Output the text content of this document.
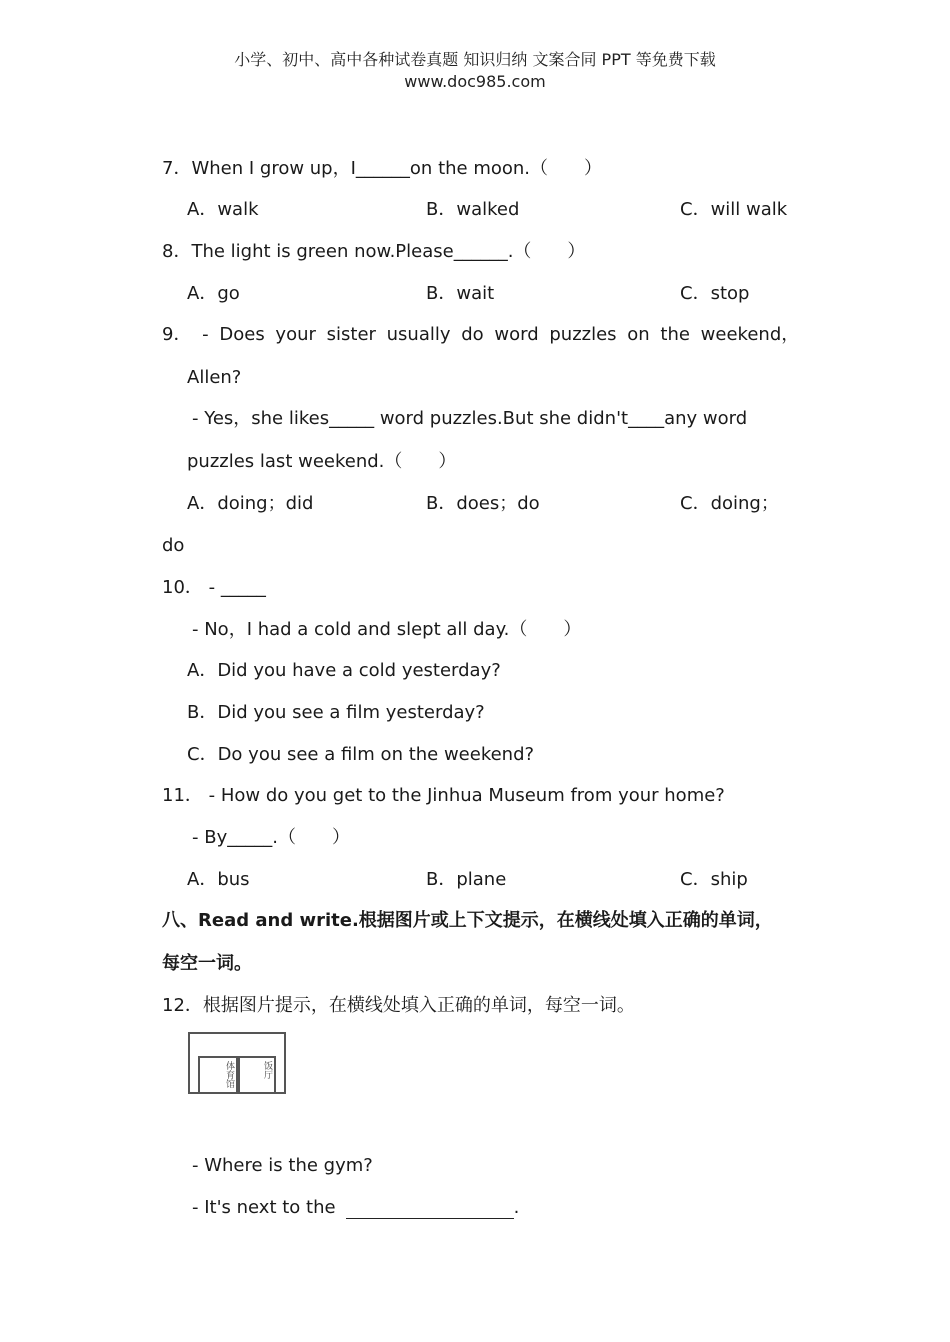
小学、初中、高中各种试卷真题 知识归纳 文案合同 PPT 等免费下载
www.doc985.com
7．When I grow up，I______on the moon.（　　）
A．walk	B．walked	C．will walk
8．The light is green now.Please______.（　　）
A．go	B．wait	C．stop
9． - Does your sister usually do word puzzles on the weekend，
Allen?
- Yes，she likes_____ word puzzles.But she didn't____any word
puzzles last weekend.（　　）
A．doing；did	B．does；do	C．doing；
do
10． - _____
- No，I had a cold and slept all day.（　　）
A．Did you have a cold yesterday?
B．Did you see a film yesterday?
C．Do you see a film on the weekend?
11． - How do you get to the Jinhua Museum from your home?
- By_____.（　　）
A．bus	B．plane	C．ship
八、Read and write.根据图片或上下文提示，在横线处填入正确的单词，
每空一词。
12．根据图片提示，在横线处填入正确的单词，每空一词。
体育馆	饭厅
- Where is the gym?
- It's next to the	.
